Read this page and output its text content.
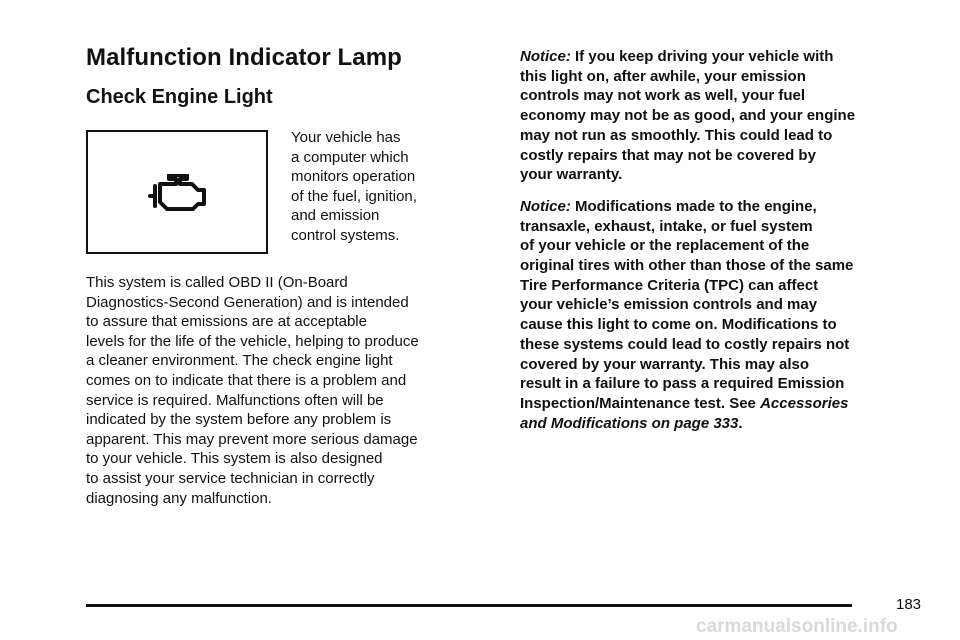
Malfunction Indicator Lamp
Check Engine Light
Your vehicle has
a computer which
monitors operation
of the fuel, ignition,
and emission
control systems.
This system is called OBD II (On-Board
Diagnostics-Second Generation) and is intended
to assure that emissions are at acceptable
levels for the life of the vehicle, helping to produce
a cleaner environment. The check engine light
comes on to indicate that there is a problem and
service is required. Malfunctions often will be
indicated by the system before any problem is
apparent. This may prevent more serious damage
to your vehicle. This system is also designed
to assist your service technician in correctly
diagnosing any malfunction.
Notice: If you keep driving your vehicle with
this light on, after awhile, your emission
controls may not work as well, your fuel
economy may not be as good, and your engine
may not run as smoothly. This could lead to
costly repairs that may not be covered by
your warranty.
Notice: Modifications made to the engine,
transaxle, exhaust, intake, or fuel system
of your vehicle or the replacement of the
original tires with other than those of the same
Tire Performance Criteria (TPC) can affect
your vehicle’s emission controls and may
cause this light to come on. Modifications to
these systems could lead to costly repairs not
covered by your warranty. This may also
result in a failure to pass a required Emission
Inspection/Maintenance test. See Accessories
and Modifications on page 333.
183
carmanualsonline.info
